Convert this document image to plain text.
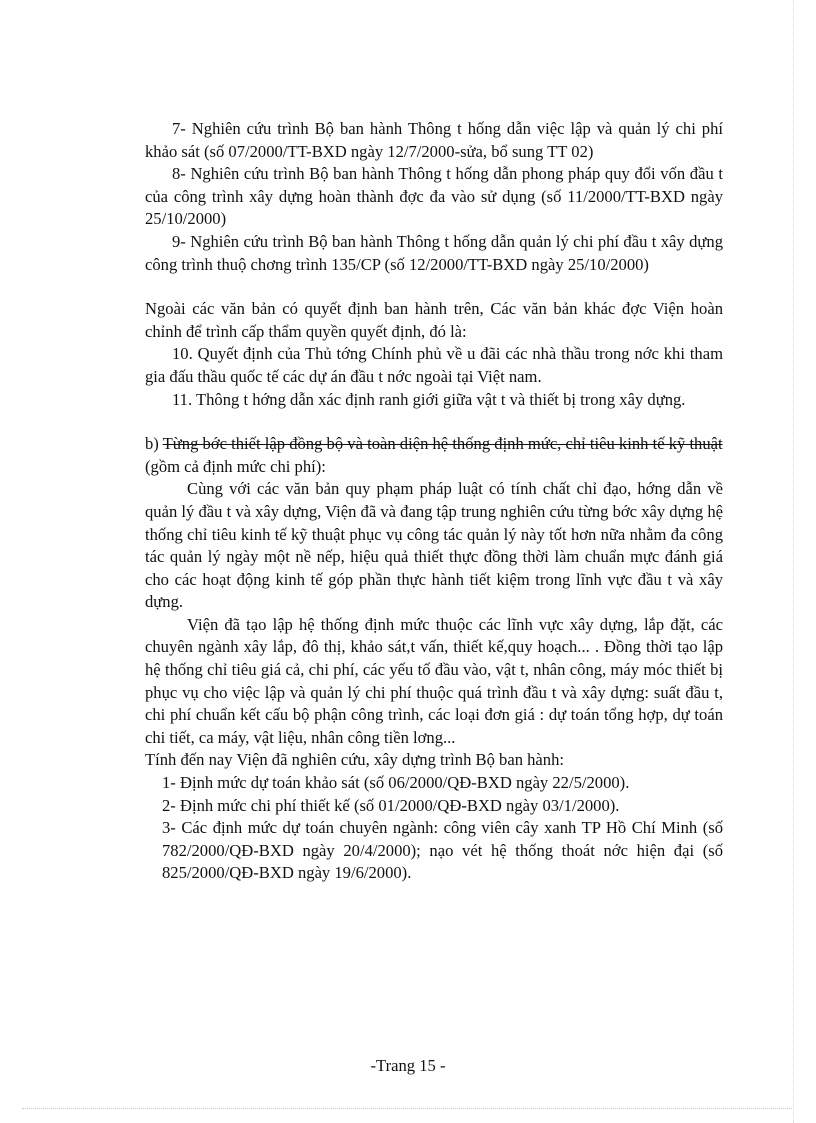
7- Nghiên cứu trình Bộ ban hành Thông t hống dẫn việc lập và quản lý chi phí khảo sát (số 07/2000/TT-BXD ngày 12/7/2000-sửa, bổ sung TT 02)

8- Nghiên cứu trình Bộ ban hành Thông t hống dẫn phong pháp quy đổi vốn đầu t của công trình xây dựng hoàn thành đợc đa vào sử dụng (số 11/2000/TT-BXD ngày 25/10/2000)

9- Nghiên cứu trình Bộ ban hành Thông t hống dẫn quản lý chi phí đầu t xây dựng công trình thuộ chơng trình 135/CP (số 12/2000/TT-BXD ngày 25/10/2000)

Ngoài các văn bản có quyết định ban hành trên, Các văn bản khác đợc Viện hoàn chỉnh để trình cấp thẩm quyền quyết định, đó là:

10. Quyết định của Thủ tớng Chính phủ về u đãi các nhà thầu trong nớc khi tham gia đấu thầu quốc tế các dự án đầu t nớc ngoài tại Việt nam.

11. Thông t hớng dẫn xác định ranh giới giữa vật t và thiết bị trong xây dựng.

b) Từng bớc thiết lập đồng bộ và toàn diện hệ thống định mức, chỉ tiêu kinh tế kỹ thuật (gồm cả định mức chi phí):

Cùng với các văn bản quy phạm pháp luật có tính chất chỉ đạo, hớng dẫn về quản lý đầu t và xây dựng, Viện đã và đang tập trung nghiên cứu từng bớc xây dựng hệ thống chỉ tiêu kinh tế kỹ thuật phục vụ công tác quản lý này tốt hơn nữa nhằm đa công tác quản lý ngày một nề nếp, hiệu quả thiết thực đồng thời làm chuẩn mực đánh giá cho các hoạt động kinh tế góp phần thực hành tiết kiệm trong lĩnh vực đầu t và xây dựng.

Viện đã tạo lập hệ thống định mức thuộc các lĩnh vực xây dựng, lắp đặt, các chuyên ngành xây lắp, đô thị, khảo sát,t vấn, thiết kế,quy hoạch... . Đồng thời tạo lập hệ thống chỉ tiêu giá cả, chi phí, các yếu tố đầu vào, vật t, nhân công, máy móc thiết bị phục vụ cho việc lập và quản lý chi phí thuộc quá trình đầu t và xây dựng: suất đầu t, chi phí chuẩn kết cấu bộ phận công trình, các loại đơn giá : dự toán tổng hợp, dự toán chi tiết, ca máy, vật liệu, nhân công tiền lơng...

Tính đến nay Viện đã nghiên cứu, xây dựng trình Bộ ban hành:

1- Định mức dự toán khảo sát (số 06/2000/QĐ-BXD ngày 22/5/2000).

2- Định mức chi phí thiết kế (số 01/2000/QĐ-BXD ngày 03/1/2000).

3- Các định mức dự toán chuyên ngành: công viên cây xanh TP Hồ Chí Minh (số 782/2000/QĐ-BXD ngày 20/4/2000); nạo vét hệ thống thoát nớc hiện đại (số 825/2000/QĐ-BXD ngày 19/6/2000).

-Trang 15 -
